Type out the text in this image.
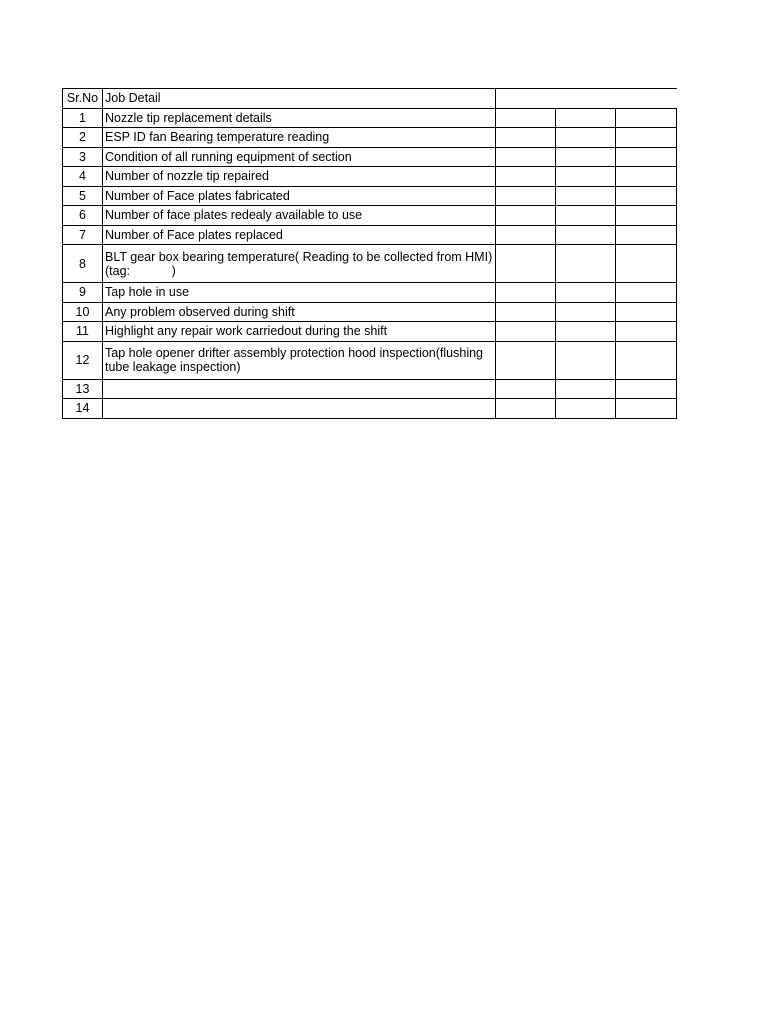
Sr.No	Job Detail			
1	Nozzle tip replacement details			
2	ESP ID fan Bearing temperature reading			
3	Condition of all running equipment of section			
4	Number of nozzle tip repaired			
5	Number of Face plates fabricated			
6	Number of face plates redealy available to use			
7	Number of Face plates replaced			
8	BLT gear box bearing temperature( Reading to be collected from HMI)(tag:            )			
9	Tap hole in use			
10	Any problem observed during shift			
11	Highlight any repair work carriedout during the shift			
12	Tap hole opener drifter assembly protection hood inspection(flushing tube leakage inspection)			
13				
14				
